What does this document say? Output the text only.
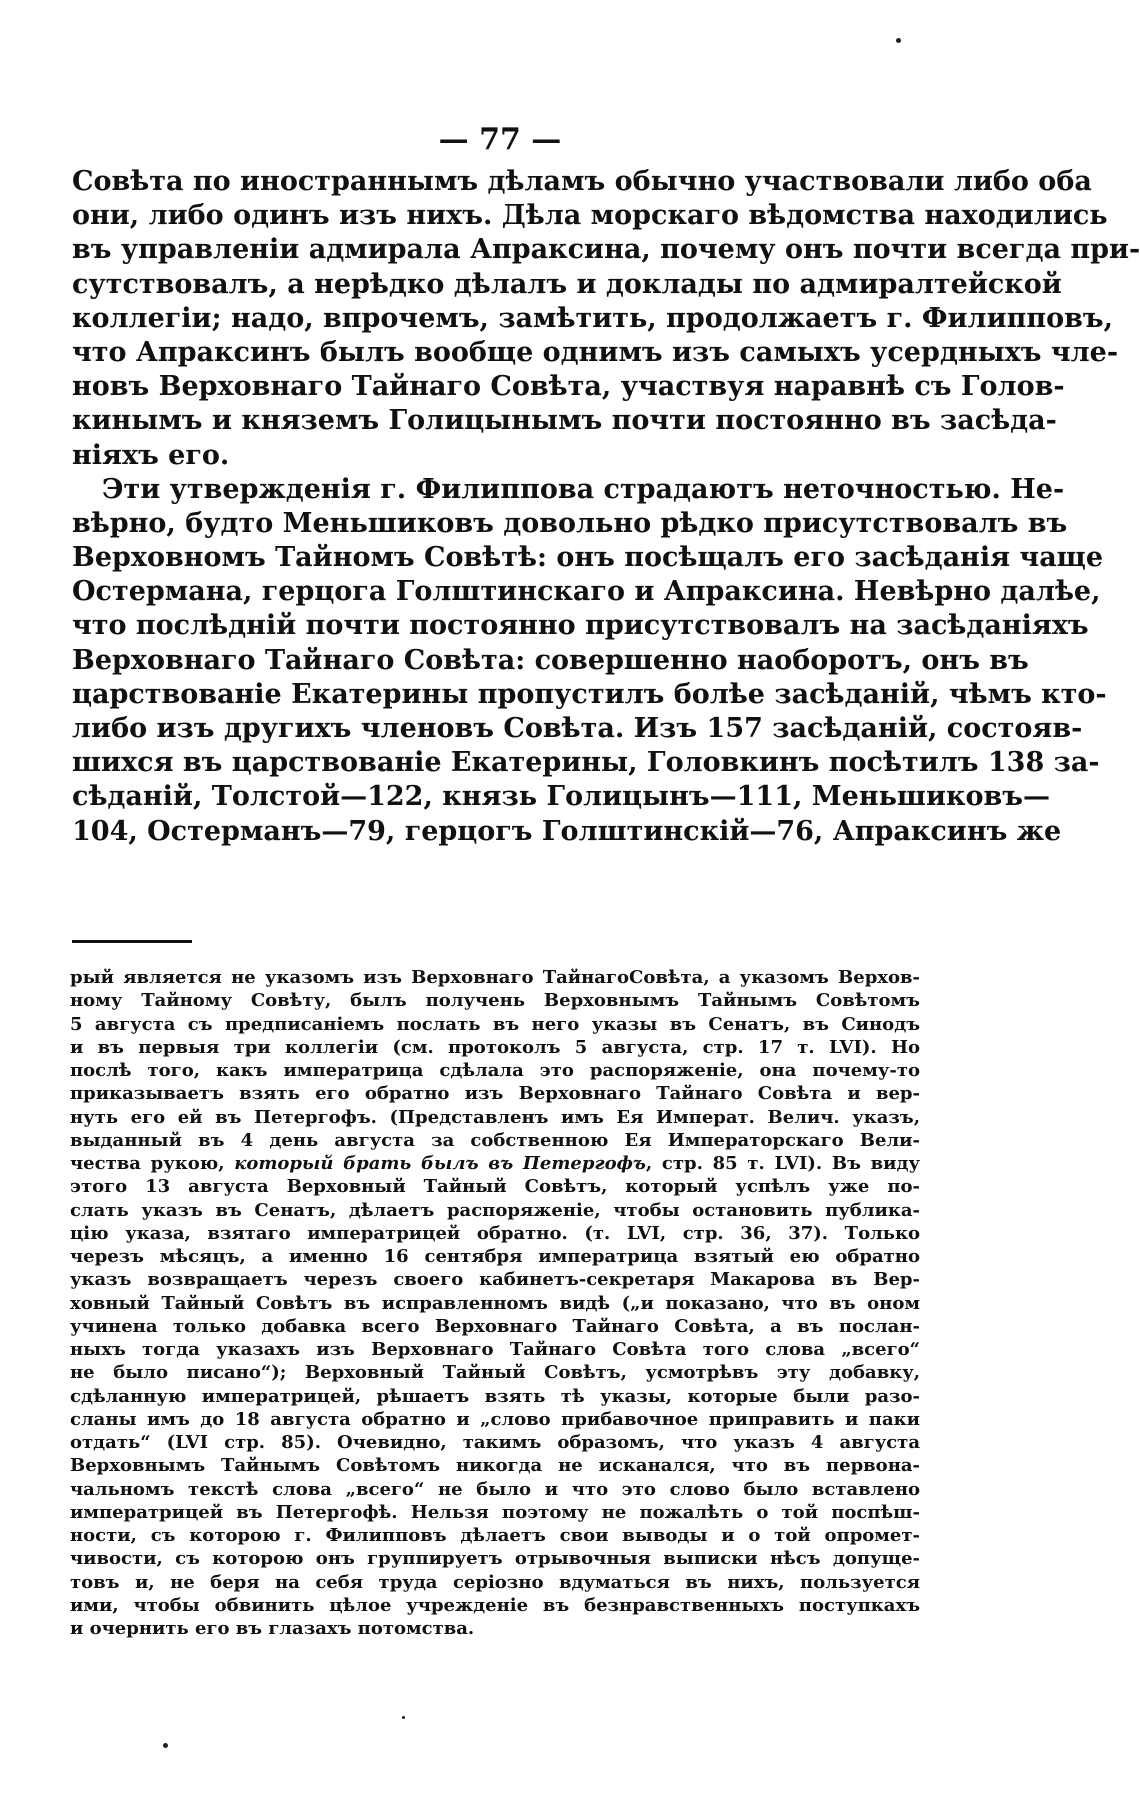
— 77 —
Совѣта по иностраннымъ дѣламъ обычно участвовали либо оба
они, либо одинъ изъ нихъ. Дѣла морскаго вѣдомства находились
въ управленіи адмирала Апраксина, почему онъ почти всегда при-
сутствовалъ, а нерѣдко дѣлалъ и доклады по адмиралтейской
коллегіи; надо, впрочемъ, замѣтить, продолжаетъ г. Филипповъ,
что Апраксинъ былъ вообще однимъ изъ самыхъ усердныхъ чле-
новъ Верховнаго Тайнаго Совѣта, участвуя наравнѣ съ Голов-
кинымъ и княземъ Голицынымъ почти постоянно въ засѣда-
ніяхъ его.
Эти утвержденія г. Филиппова страдаютъ неточностью. Не-
вѣрно, будто Меньшиковъ довольно рѣдко присутствовалъ въ
Верховномъ Тайномъ Совѣтѣ: онъ посѣщалъ его засѣданія чаще
Остермана, герцога Голштинскаго и Апраксина. Невѣрно далѣе,
что послѣдній почти постоянно присутствовалъ на засѣданіяхъ
Верховнаго Тайнаго Совѣта: совершенно наоборотъ, онъ въ
царствованіе Екатерины пропустилъ болѣе засѣданій, чѣмъ кто-
либо изъ другихъ членовъ Совѣта. Изъ 157 засѣданій, состояв-
шихся въ царствованіе Екатерины, Головкинъ посѣтилъ 138 за-
сѣданій, Толстой—122, князь Голицынъ—111, Меньшиковъ—
104, Остерманъ—79, герцогъ Голштинскій—76, Апраксинъ же
рый является не указомъ изъ Верховнаго ТайнагоСовѣта, а указомъ Верхов-
ному Тайному Совѣту, былъ получень Верховнымъ Тайнымъ Совѣтомъ
5 августа съ предписаніемъ послать въ него указы въ Сенатъ, въ Синодъ
и въ первыя три коллегіи (см. протоколъ 5 августа, стр. 17 т. LVI). Но
послѣ того, какъ императрица сдѣлала это распоряженіе, она почему-то
приказываетъ взять его обратно изъ Верховнаго Тайнаго Совѣта и вер-
нуть его ей въ Петергофъ. (Представленъ имъ Ея Императ. Велич. указъ,
выданный въ 4 день августа за собственною Ея Императорскаго Вели-
чества рукою, который брать былъ въ Петергофъ, стр. 85 т. LVI). Въ виду
этого 13 августа Верховный Тайный Совѣтъ, который успѣлъ уже по-
слать указъ въ Сенатъ, дѣлаетъ распоряженіе, чтобы остановить публика-
цію указа, взятаго императрицей обратно. (т. LVI, стр. 36, 37). Только
черезъ мѣсяцъ, а именно 16 сентября императрица взятый ею обратно
указъ возвращаетъ черезъ своего кабинетъ-секретаря Макарова въ Вер-
ховный Тайный Совѣтъ въ исправленномъ видѣ („и показано, что въ оном
учинена только добавка всего Верховнаго Тайнаго Совѣта, а въ послан-
ныхъ тогда указахъ изъ Верховнаго Тайнаго Совѣта того слова „всего“
не было писано“); Верховный Тайный Совѣтъ, усмотрѣвъ эту добавку,
сдѣланную императрицей, рѣшаетъ взять тѣ указы, которые были разо-
сланы имъ до 18 августа обратно и „слово прибавочное приправить и паки
отдать“ (LVI стр. 85). Очевидно, такимъ образомъ, что указъ 4 августа
Верховнымъ Тайнымъ Совѣтомъ никогда не исканался, что въ первона-
чальномъ текстѣ слова „всего“ не было и что это слово было вставлено
императрицей въ Петергофѣ. Нельзя поэтому не пожалѣть о той поспѣш-
ности, съ которою г. Филипповъ дѣлаетъ свои выводы и о той опромет-
чивости, съ которою онъ группируетъ отрывочныя выписки нѣсъ допуще-
товъ и, не беря на себя труда серіозно вдуматься въ нихъ, пользуется
ими, чтобы обвинить цѣлое учрежденіе въ безнравственныхъ поступкахъ
и очернить его въ глазахъ потомства.
